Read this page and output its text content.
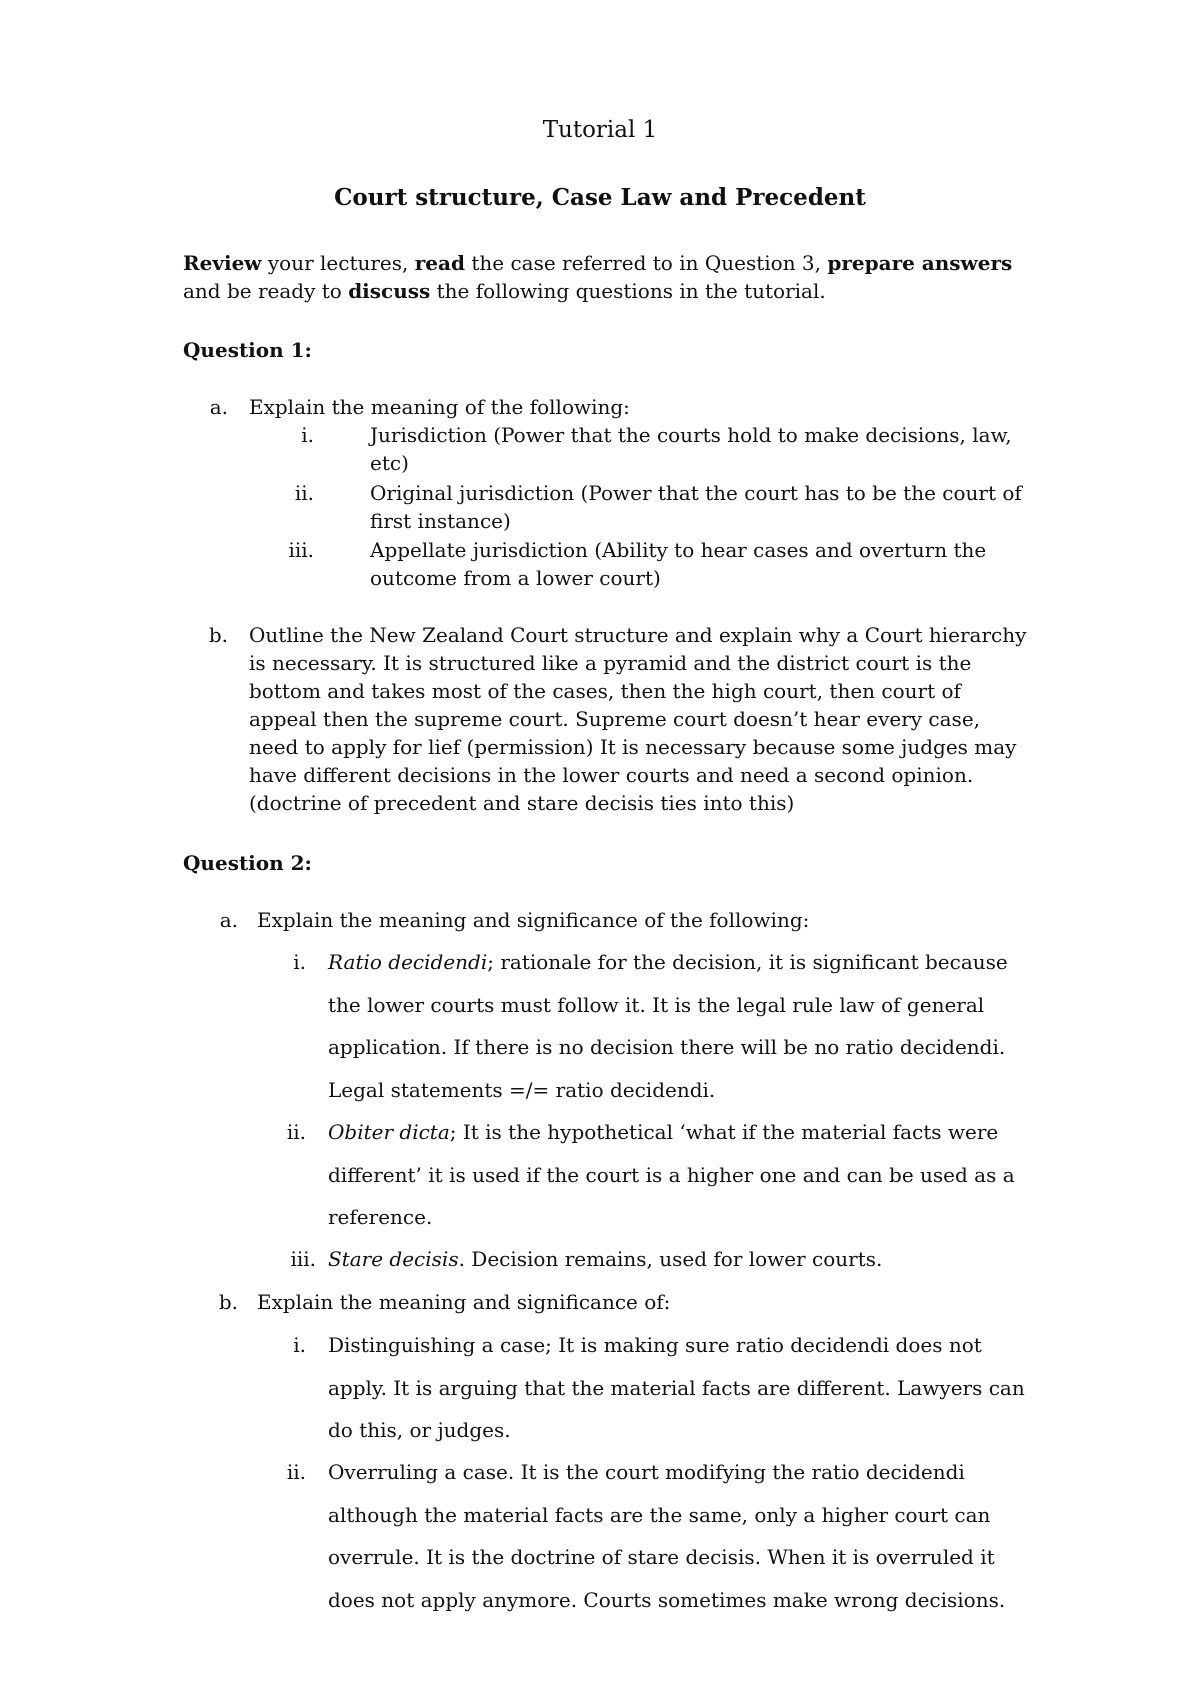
Tutorial 1
Court structure, Case Law and Precedent
Review your lectures, read the case referred to in Question 3, prepare answers
and be ready to discuss the following questions in the tutorial.
Question 1:
a. Explain the meaning of the following:
i.	Jurisdiction (Power that the courts hold to make decisions, law,
etc)
ii.	Original jurisdiction (Power that the court has to be the court of
first instance)
iii.	Appellate jurisdiction (Ability to hear cases and overturn the
outcome from a lower court)
b. Outline the New Zealand Court structure and explain why a Court hierarchy
is necessary. It is structured like a pyramid and the district court is the
bottom and takes most of the cases, then the high court, then court of
appeal then the supreme court. Supreme court doesn’t hear every case,
need to apply for lief (permission) It is necessary because some judges may
have different decisions in the lower courts and need a second opinion.
(doctrine of precedent and stare decisis ties into this)
Question 2:
a. Explain the meaning and significance of the following:
i. Ratio decidendi; rationale for the decision, it is significant because
the lower courts must follow it. It is the legal rule law of general
application. If there is no decision there will be no ratio decidendi.
Legal statements =/= ratio decidendi.
ii. Obiter dicta; It is the hypothetical ‘what if the material facts were
different’ it is used if the court is a higher one and can be used as a
reference.
iii. Stare decisis. Decision remains, used for lower courts.
b. Explain the meaning and significance of:
i. Distinguishing a case; It is making sure ratio decidendi does not
apply. It is arguing that the material facts are different. Lawyers can
do this, or judges.
ii. Overruling a case. It is the court modifying the ratio decidendi
although the material facts are the same, only a higher court can
overrule. It is the doctrine of stare decisis. When it is overruled it
does not apply anymore. Courts sometimes make wrong decisions.
